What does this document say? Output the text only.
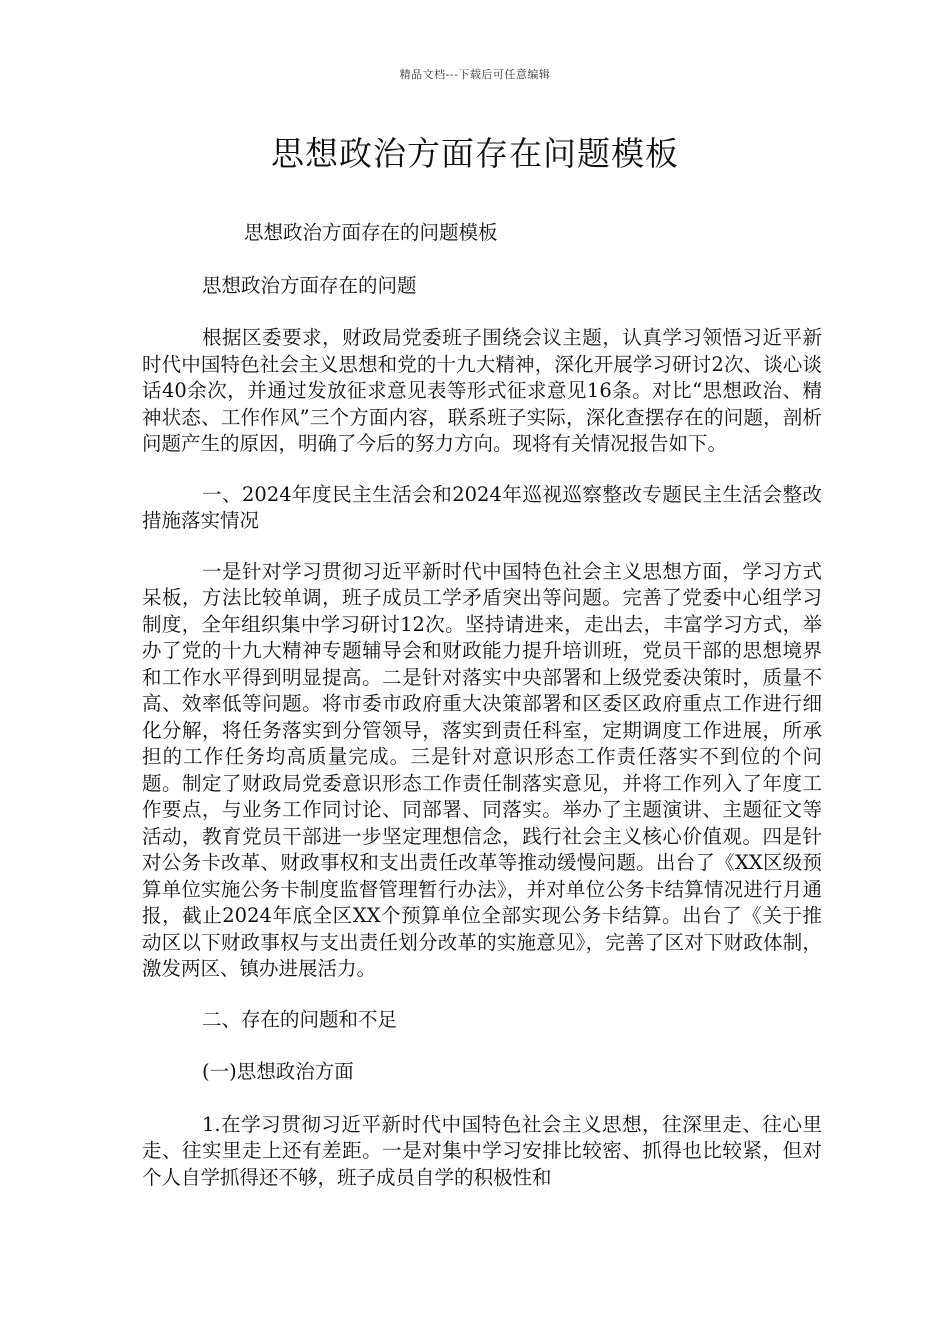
精品文档---下载后可任意编辑
思想政治方面存在问题模板

思想政治方面存在的问题模板

思想政治方面存在的问题

根据区委要求，财政局党委班子围绕会议主题，认真学习领悟习近平新时代中国特色社会主义思想和党的十九大精神，深化开展学习研讨2次、谈心谈话40余次，并通过发放征求意见表等形式征求意见16条。对比“思想政治、精神状态、工作作风”三个方面内容，联系班子实际，深化查摆存在的问题，剖析问题产生的原因，明确了今后的努力方向。现将有关情况报告如下。

一、2024年度民主生活会和2024年巡视巡察整改专题民主生活会整改措施落实情况

一是针对学习贯彻习近平新时代中国特色社会主义思想方面，学习方式呆板，方法比较单调，班子成员工学矛盾突出等问题。完善了党委中心组学习制度，全年组织集中学习研讨12次。坚持请进来，走出去，丰富学习方式，举办了党的十九大精神专题辅导会和财政能力提升培训班，党员干部的思想境界和工作水平得到明显提高。二是针对落实中央部署和上级党委决策时，质量不高、效率低等问题。将市委市政府重大决策部署和区委区政府重点工作进行细化分解，将任务落实到分管领导，落实到责任科室，定期调度工作进展，所承担的工作任务均高质量完成。三是针对意识形态工作责任落实不到位的个问题。制定了财政局党委意识形态工作责任制落实意见，并将工作列入了年度工作要点，与业务工作同讨论、同部署、同落实。举办了主题演讲、主题征文等活动，教育党员干部进一步坚定理想信念，践行社会主义核心价值观。四是针对公务卡改革、财政事权和支出责任改革等推动缓慢问题。出台了《XX区级预算单位实施公务卡制度监督管理暂行办法》，并对单位公务卡结算情况进行月通报，截止2024年底全区XX个预算单位全部实现公务卡结算。出台了《关于推动区以下财政事权与支出责任划分改革的实施意见》，完善了区对下财政体制，激发两区、镇办进展活力。

二、存在的问题和不足

(一)思想政治方面

1.在学习贯彻习近平新时代中国特色社会主义思想，往深里走、往心里走、往实里走上还有差距。一是对集中学习安排比较密、抓得也比较紧，但对个人自学抓得还不够，班子成员自学的积极性和
